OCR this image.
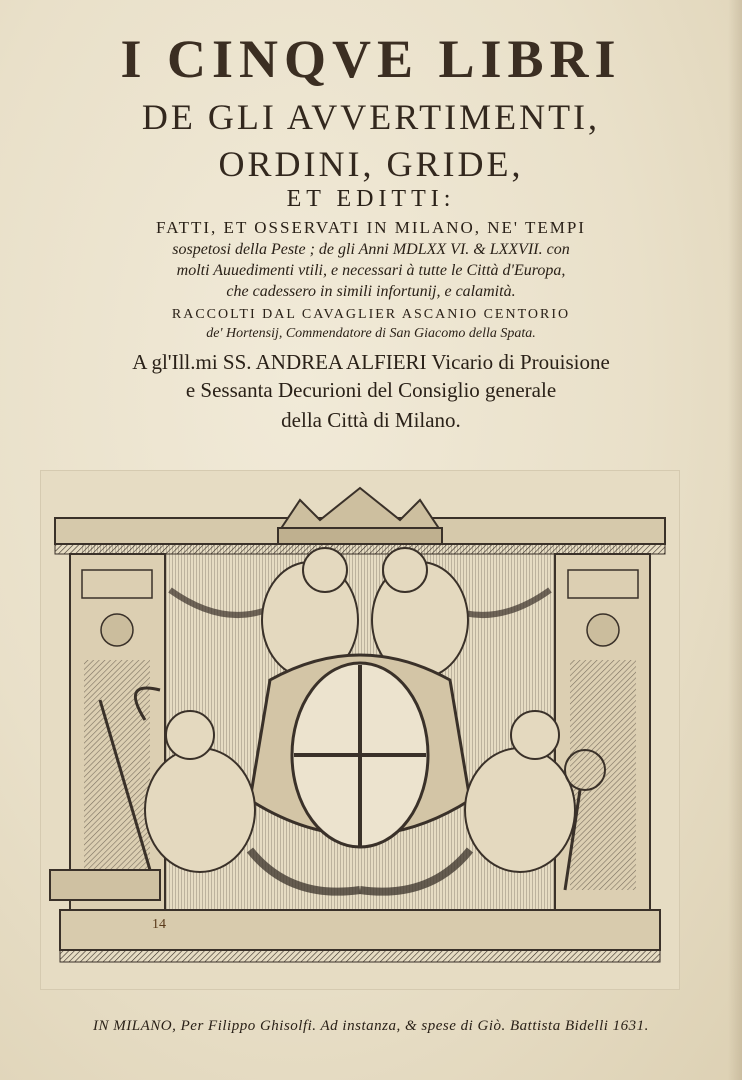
I CINQVE LIBRI
DE GLI AVVERTIMENTI,
ORDINI, GRIDE,
ET EDITTI:
FATTI, ET OSSERVATI IN MILANO, NE' TEMPI
sospetosi della Peste ; de gli Anni MDLXX VI. & LXXVII. con
molti Auuedimenti vtili, e necessari à tutte le Città d'Europa,
che cadessero in simili infortunij, e calamità.
RACCOLTI DAL CAVAGLIER ASCANIO CENTORIO
de' Hortensij, Commendatore di San Giacomo della Spata.
A gl'Ill.mi SS. ANDREA ALFIERI Vicario di Prouisione
e Sessanta Decurioni del Consiglio generale
della Città di Milano.
14
IN MILANO, Per Filippo Ghisolfi. Ad instanza, & spese di Giò. Battista Bidelli 1631.
